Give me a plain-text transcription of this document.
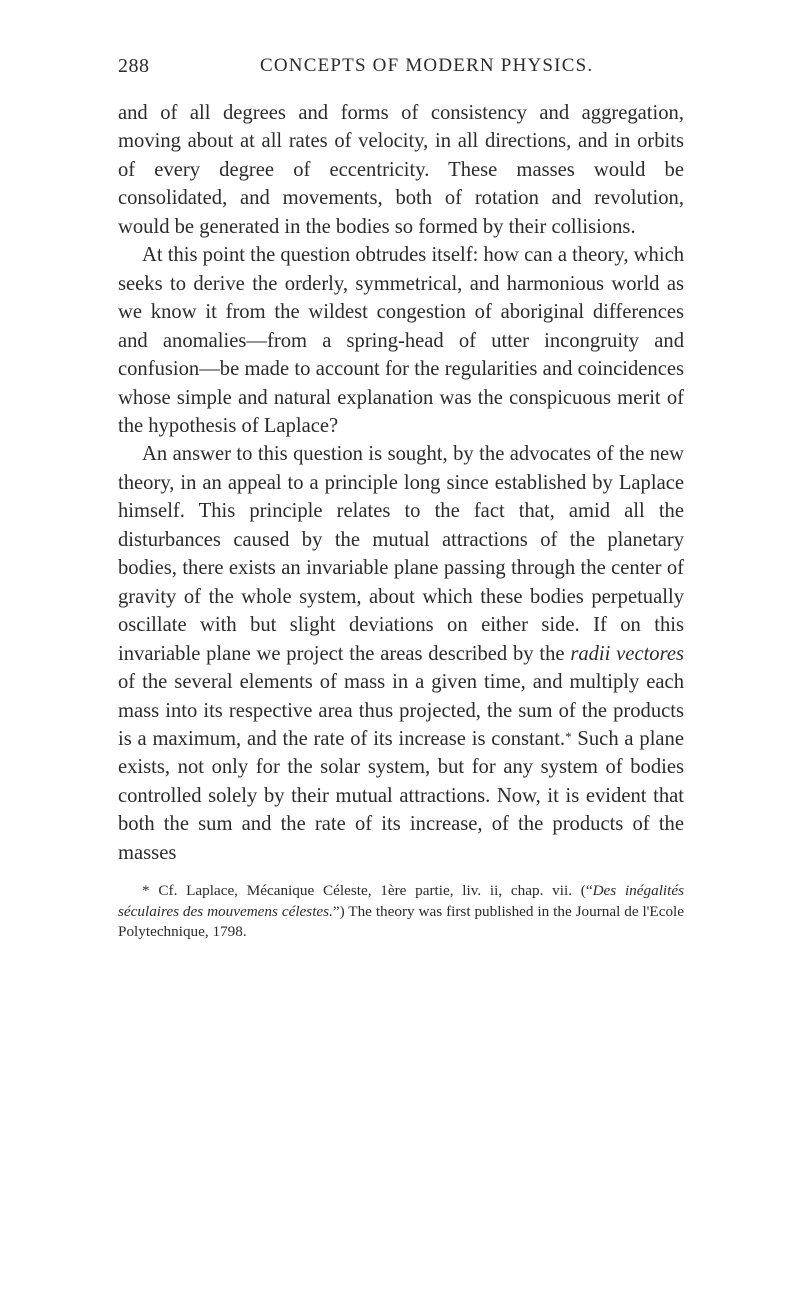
288	CONCEPTS OF MODERN PHYSICS.

and of all degrees and forms of consistency and aggregation, moving about at all rates of velocity, in all directions, and in orbits of every degree of eccentricity. These masses would be consolidated, and movements, both of rotation and revolution, would be generated in the bodies so formed by their collisions.

At this point the question obtrudes itself: how can a theory, which seeks to derive the orderly, symmetrical, and harmonious world as we know it from the wildest congestion of aboriginal differences and anomalies—from a spring-head of utter incongruity and confusion—be made to account for the regularities and coincidences whose simple and natural explanation was the conspicuous merit of the hypothesis of Laplace?

An answer to this question is sought, by the advocates of the new theory, in an appeal to a principle long since established by Laplace himself. This principle relates to the fact that, amid all the disturbances caused by the mutual attractions of the planetary bodies, there exists an invariable plane passing through the center of gravity of the whole system, about which these bodies perpetually oscillate with but slight deviations on either side. If on this invariable plane we project the areas described by the radii vectores of the several elements of mass in a given time, and multiply each mass into its respective area thus projected, the sum of the products is a maximum, and the rate of its increase is constant.* Such a plane exists, not only for the solar system, but for any system of bodies controlled solely by their mutual attractions. Now, it is evident that both the sum and the rate of its increase, of the products of the masses

* Cf. Laplace, Mécanique Céleste, 1ère partie, liv. ii, chap. vii. (“Des inégalités séculaires des mouvemens célestes.”) The theory was first published in the Journal de l'Ecole Polytechnique, 1798.
